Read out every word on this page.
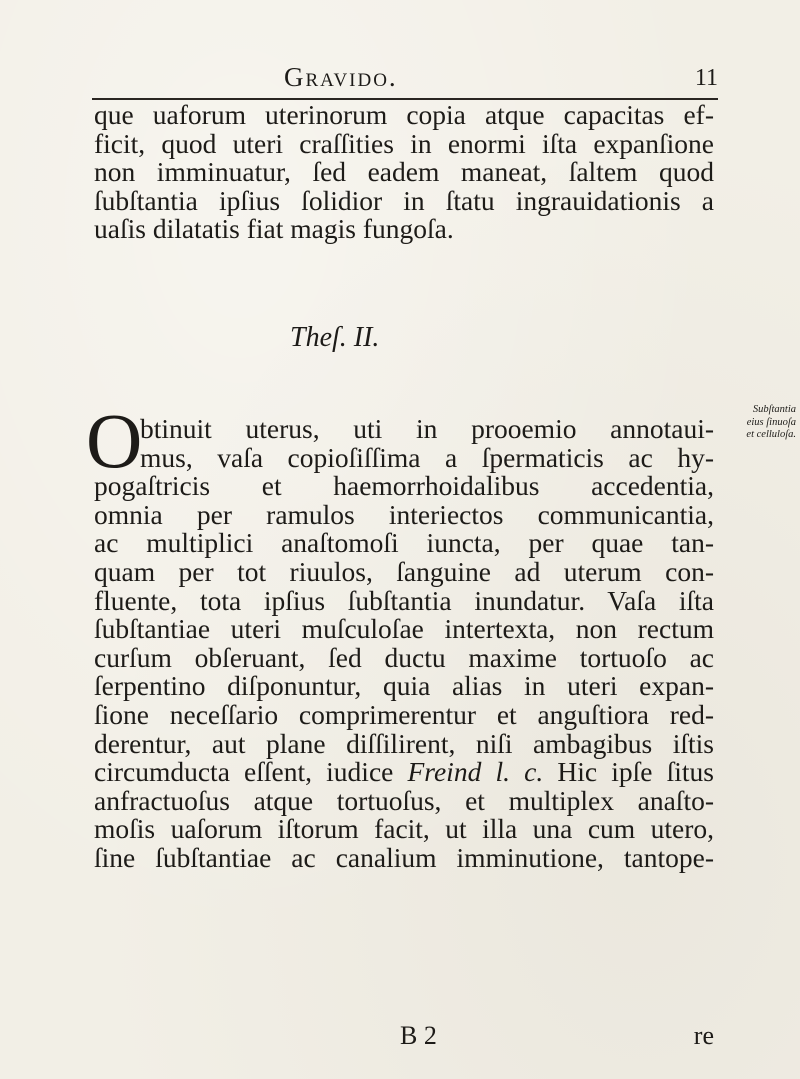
Gravido.	11
que uaforum uterinorum copia atque capacitas ef-
ficit, quod uteri craſſities in enormi iſta expanſione
non imminuatur, ſed eadem maneat, ſaltem quod
ſubſtantia ipſius ſolidior in ſtatu ingrauidationis a
uaſis dilatatis fiat magis fungoſa.
Theſ. II.
O
btinuit uterus, uti in prooemio annotaui-
mus, vaſa copioſiſſima a ſpermaticis ac hy-
pogaſtricis et haemorrhoidalibus accedentia,
omnia per ramulos interiectos communicantia,
ac multiplici anaſtomoſi iuncta, per quae tan-
quam per tot riuulos, ſanguine ad uterum con-
fluente, tota ipſius ſubſtantia inundatur. Vaſa iſta
ſubſtantiae uteri muſculoſae intertexta, non rectum
curſum obſeruant, ſed ductu maxime tortuoſo ac
ſerpentino diſponuntur, quia alias in uteri expan-
ſione neceſſario comprimerentur et anguſtiora red-
derentur, aut plane diſſilirent, niſi ambagibus iſtis
circumducta eſſent, iudice Freind l. c. Hic ipſe ſitus
anfractuoſus atque tortuoſus, et multiplex anaſto-
moſis uaſorum iſtorum facit, ut illa una cum utero,
ſine ſubſtantiae ac canalium imminutione, tantope-
Subſtantia
eius ſinuoſa
et celluloſa.
B 2	re
